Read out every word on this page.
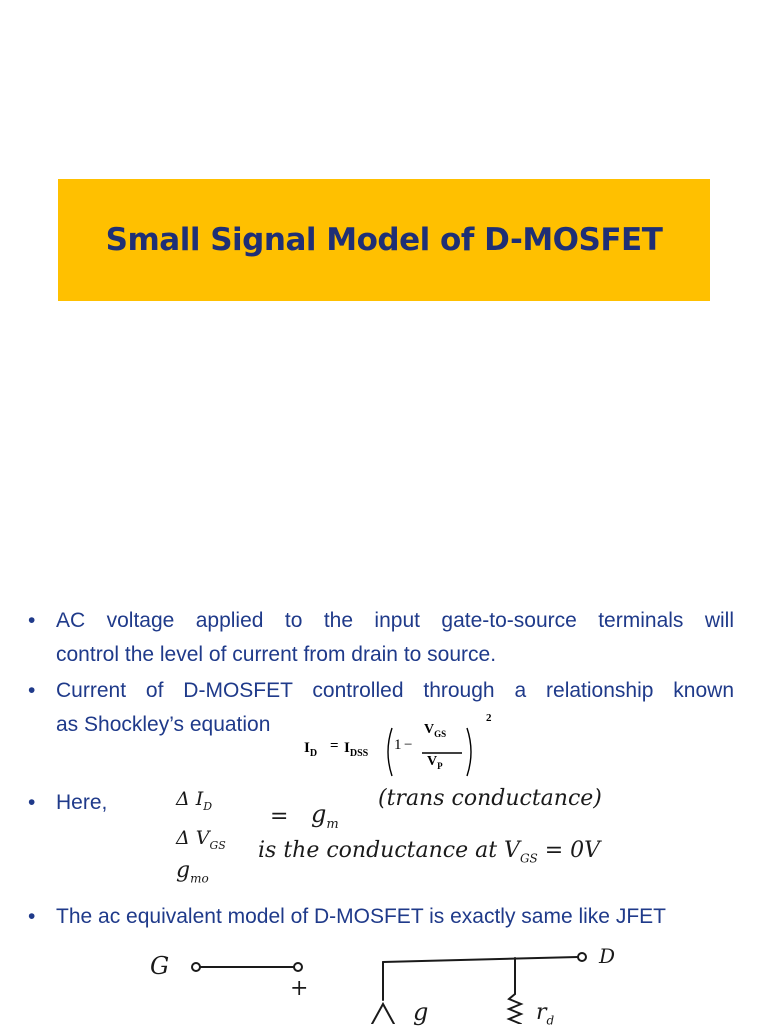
Small Signal Model of D-MOSFET
• AC voltage applied to the input gate-to-source terminals will
control the level of current from drain to source.
• Current of D-MOSFET controlled through a relationship known
as Shockley’s equation
$I_D = I_{DSS}$
1 −
$V_{GS}$
$V_P$
2
• Here,	Δ $I_D$
Δ $V_{GS}$
= $g_m$
(trans conductance)
$g_{mo}$
is the conductance at $V_{GS} = 0V$
• The ac equivalent model of D-MOSFET is exactly same like JFET
G	D
+
g	$r_d$
